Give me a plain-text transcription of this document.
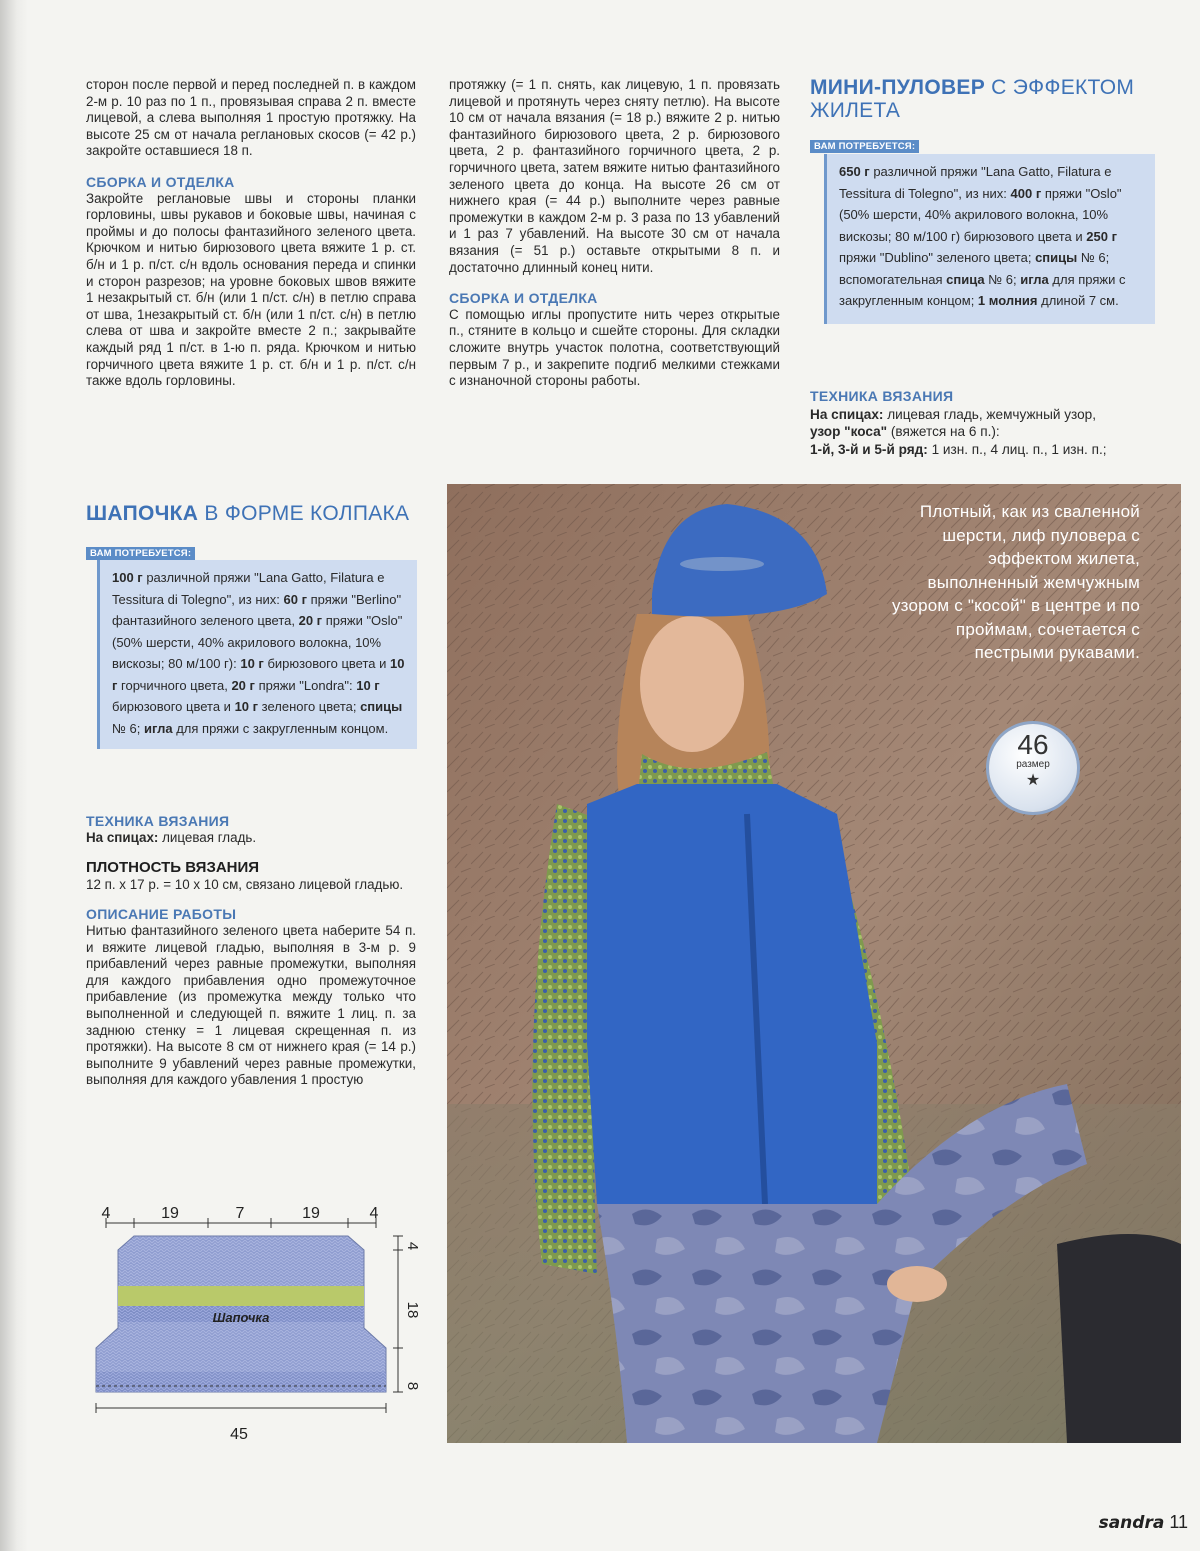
сторон после первой и перед последней п. в каждом 2-м р. 10 раз по 1 п., провязывая справа 2 п. вместе лицевой, а слева выполняя 1 простую протяжку. На высоте 25 см от начала реглановых скосов (= 42 р.) закройте оставшиеся 18 п.

СБОРКА И ОТДЕЛКА

Закройте реглановые швы и стороны планки горловины, швы рукавов и боковые швы, начиная с проймы и до полосы фантазийного зеленого цвета. Крючком и нитью бирюзового цвета вяжите 1 р. ст. б/н и 1 р. п/ст. с/н вдоль основания переда и спинки и сторон разрезов; на уровне боковых швов вяжите 1 незакрытый ст. б/н (или 1 п/ст. с/н) в петлю справа от шва, 1незакрытый ст. б/н (или 1 п/ст. с/н) в петлю слева от шва и закройте вместе 2 п.; закрывайте каждый ряд 1 п/ст. в 1-ю п. ряда. Крючком и нитью горчичного цвета вяжите 1 р. ст. б/н и 1 р. п/ст. с/н также вдоль горловины.

ШАПОЧКА В ФОРМЕ КОЛПАКА
ВАМ ПОТРЕБУЕТСЯ:
100 г различной пряжи "Lana Gatto, Filatura e Tessitura di Tolegno", из них: 60 г пряжи "Berlino" фантазийного зеленого цвета, 20 г пряжи "Oslo" (50% шерсти, 40% акрилового волокна, 10% вискозы; 80 м/100 г): 10 г бирюзового цвета и 10 г горчичного цвета, 20 г пряжи "Londra": 10 г бирюзового цвета и 10 г зеленого цвета; спицы № 6; игла для пряжи с закругленным концом.

ТЕХНИКА ВЯЗАНИЯ

На спицах: лицевая гладь.

ПЛОТНОСТЬ ВЯЗАНИЯ

12 п. х 17 р. = 10 х 10 см, связано лицевой гладью.

ОПИСАНИЕ РАБОТЫ

Нитью фантазийного зеленого цвета наберите 54 п. и вяжите лицевой гладью, выполняя в 3-м р. 9 прибавлений через равные промежутки, выполняя для каждого прибавления одно промежуточное прибавление (из промежутка между только что выполненной и следующей п. вяжите 1 лиц. п. за заднюю стенку = 1 лицевая скрещенная п. из протяжки). На высоте 8 см от нижнего края (= 14 р.) выполните 9 убавлений через равные промежутки, выполняя для каждого убавления 1 простую

4	19	7	19	4
Шапочка
4
18
8
45

протяжку (= 1 п. снять, как лицевую, 1 п. провязать лицевой и протянуть через сняту петлю). На высоте 10 см от начала вязания (= 18 р.) вяжите 2 р. нитью фантазийного бирюзового цвета, 2 р. бирюзового цвета, 2 р. фантазийного горчичного цвета, 2 р. горчичного цвета, затем вяжите нитью фантазийного зеленого цвета до конца. На высоте 26 см от нижнего края (= 44 р.) выполните через равные промежутки в каждом 2-м р. 3 раза по 13 убавлений и 1 раз 7 убавлений. На высоте 30 см от начала вязания (= 51 р.) оставьте открытыми 8 п. и достаточно длинный конец нити.

СБОРКА И ОТДЕЛКА

С помощью иглы пропустите нить через открытые п., стяните в кольцо и сшейте стороны. Для складки сложите внутрь участок полотна, соответствующий первым 7 р., и закрепите подгиб мелкими стежками с изнаночной стороны работы.

МИНИ-ПУЛОВЕР С ЭФФЕКТОМ ЖИЛЕТА
ВАМ ПОТРЕБУЕТСЯ:
650 г различной пряжи "Lana Gatto, Filatura e Tessitura di Tolegno", из них: 400 г пряжи "Oslo" (50% шерсти, 40% акрилового волокна, 10% вискозы; 80 м/100 г) бирюзового цвета и 250 г пряжи "Dublino" зеленого цвета; спицы № 6; вспомогательная спица № 6; игла для пряжи с закругленным концом; 1 молния длиной 7 см.

ТЕХНИКА ВЯЗАНИЯ

На спицах: лицевая гладь, жемчужный узор,

узор "коса" (вяжется на 6 п.):

1-й, 3-й и 5-й ряд: 1 изн. п., 4 лиц. п., 1 изн. п.;

Плотный, как из сваленной шерсти, лиф пуловера с эффектом жилета, выполненный жемчужным узором с "косой" в центре и по проймам, сочетается с пестрыми рукавами.
46
размер
★
sandra 11
